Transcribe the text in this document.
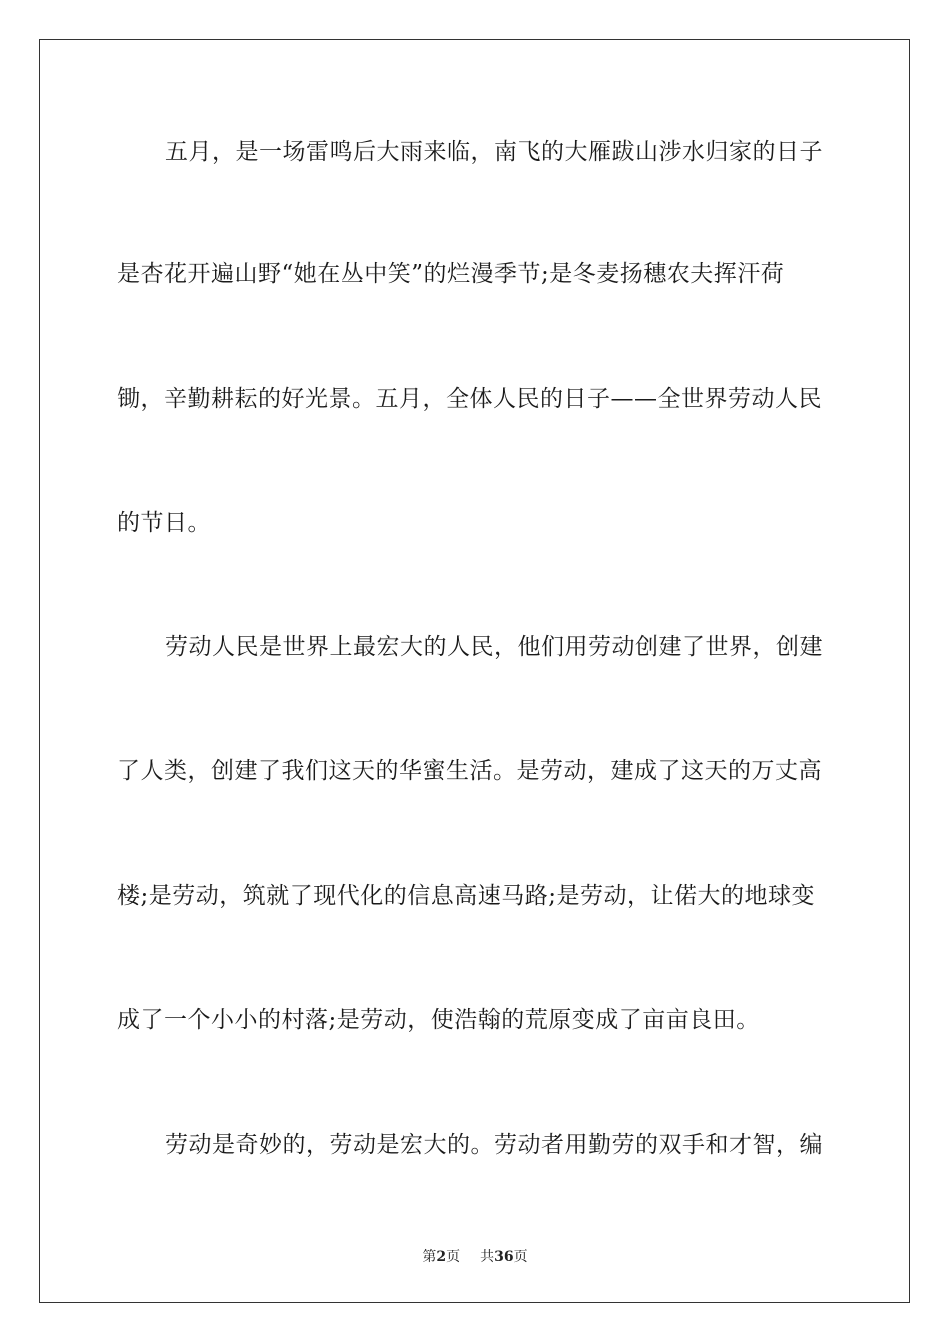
五月，是一场雷鸣后大雨来临，南飞的大雁跋山涉水归家的日子
是杏花开遍山野“她在丛中笑”的烂漫季节;是冬麦扬穗农夫挥汗荷
锄，辛勤耕耘的好光景。五月，全体人民的日子——全世界劳动人民
的节日。
劳动人民是世界上最宏大的人民，他们用劳动创建了世界，创建
了人类，创建了我们这天的华蜜生活。是劳动，建成了这天的万丈高
楼;是劳动，筑就了现代化的信息高速马路;是劳动，让偌大的地球变
成了一个小小的村落;是劳动，使浩翰的荒原变成了亩亩良田。
劳动是奇妙的，劳动是宏大的。劳动者用勤劳的双手和才智，编
第2页 共36页
